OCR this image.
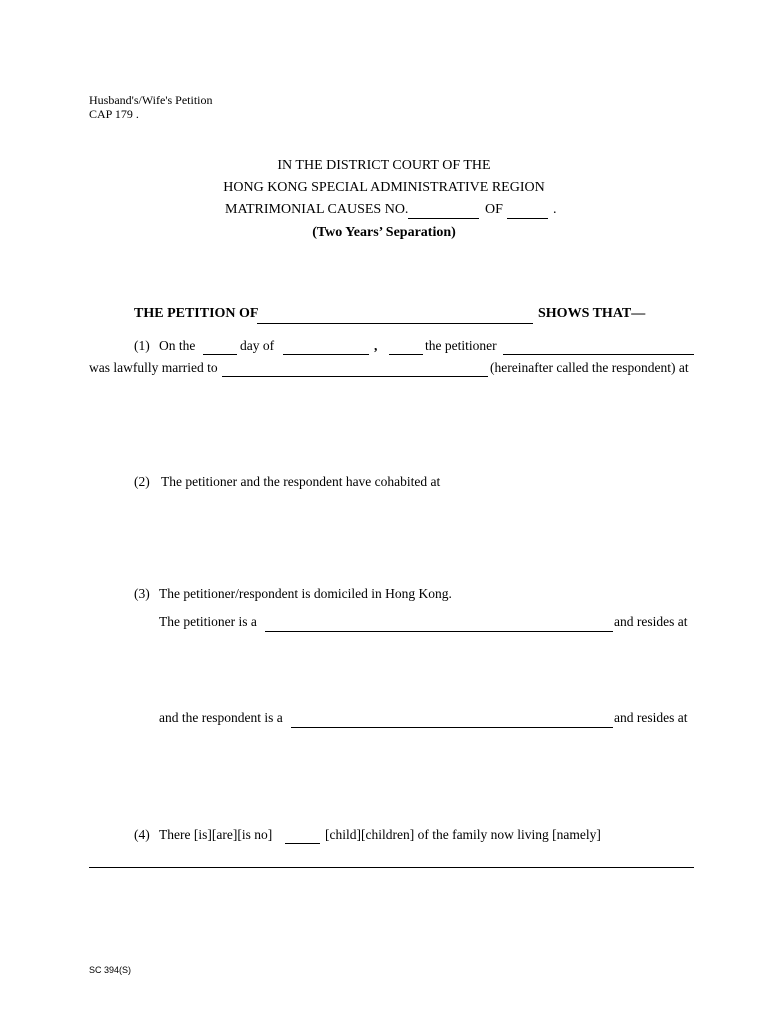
Husband's/Wife's Petition
CAP 179 .
IN THE DISTRICT COURT OF THE
HONG KONG SPECIAL ADMINISTRATIVE REGION
MATRIMONIAL CAUSES NO.	OF	.
(Two Years’ Separation)
THE PETITION OF	SHOWS THAT—
(1) On the	day of	,	the petitioner
was lawfully married to	(hereinafter called the respondent) at
(2) The petitioner and the respondent have cohabited at
(3) The petitioner/respondent is domiciled in Hong Kong.
The petitioner is a	and resides at
and the respondent is a	and resides at
(4) There [is][are][is no]	[child][children] of the family now living [namely]
SC 394(S)
